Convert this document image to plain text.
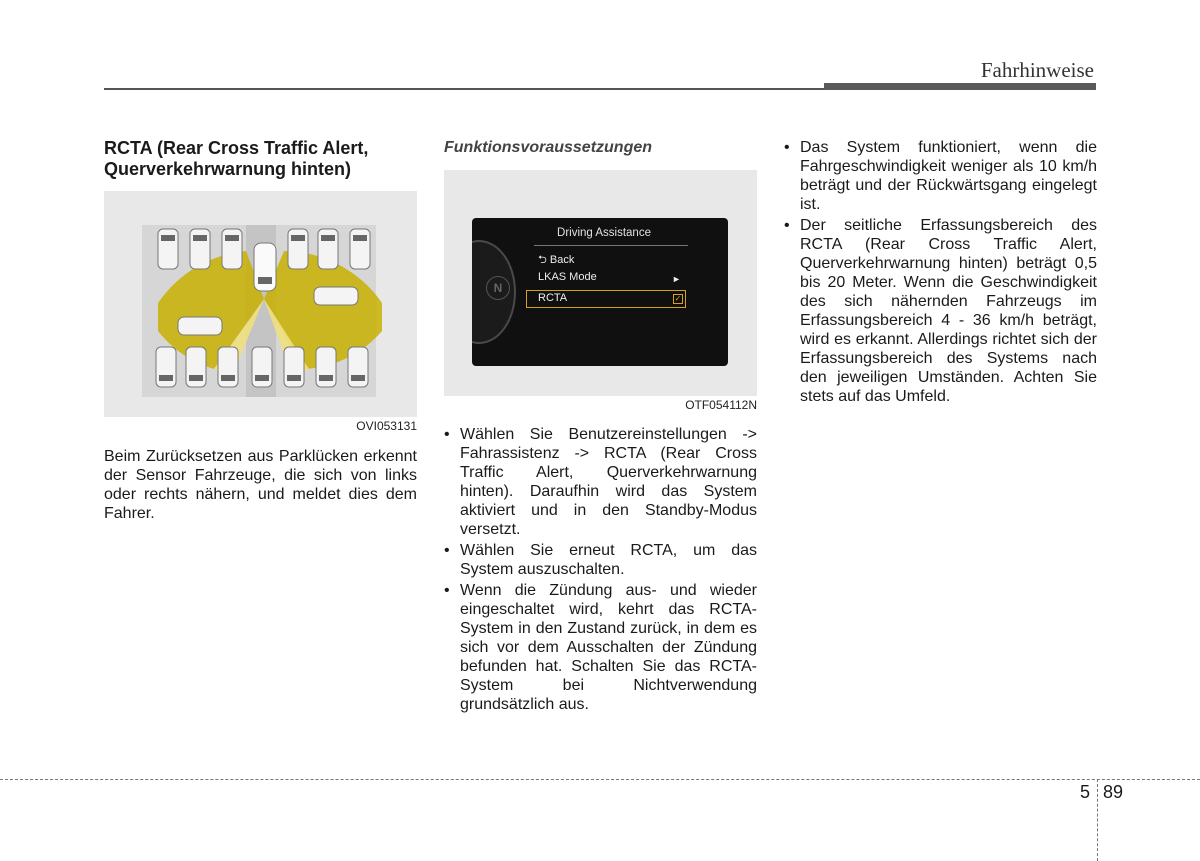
Fahrhinweise
RCTA (Rear Cross Traffic Alert, Querverkehrwarnung hinten)
OVI053131

Beim Zurücksetzen aus Parklücken erkennt der Sensor Fahrzeuge, die sich von links oder rechts nähern, und meldet dies dem Fahrer.

Funktionsvoraussetzungen
N
Driving Assistance
⮌ Back
LKAS Mode	►
RCTA	✓
OTF054112N
• Wählen Sie Benutzereinstellungen -> Fahrassistenz -> RCTA (Rear Cross Traffic Alert, Querverkehrwarnung hinten). Daraufhin wird das System aktiviert und in den Standby-Modus versetzt.
• Wählen Sie erneut RCTA, um das System auszuschalten.
• Wenn die Zündung aus- und wieder eingeschaltet wird, kehrt das RCTA-System in den Zustand zurück, in dem es sich vor dem Ausschalten der Zündung befunden hat. Schalten Sie das RCTA-System bei Nichtverwendung grundsätzlich aus.
• Das System funktioniert, wenn die Fahrgeschwindigkeit weniger als 10 km/h beträgt und der Rückwärtsgang eingelegt ist.
• Der seitliche Erfassungsbereich des RCTA (Rear Cross Traffic Alert, Querverkehrwarnung hinten) beträgt 0,5 bis 20 Meter. Wenn die Geschwindigkeit des sich nähernden Fahrzeugs im Erfassungsbereich 4 - 36 km/h beträgt, wird es erkannt. Allerdings richtet sich der Erfassungsbereich des Systems nach den jeweiligen Umständen. Achten Sie stets auf das Umfeld.
5 89
